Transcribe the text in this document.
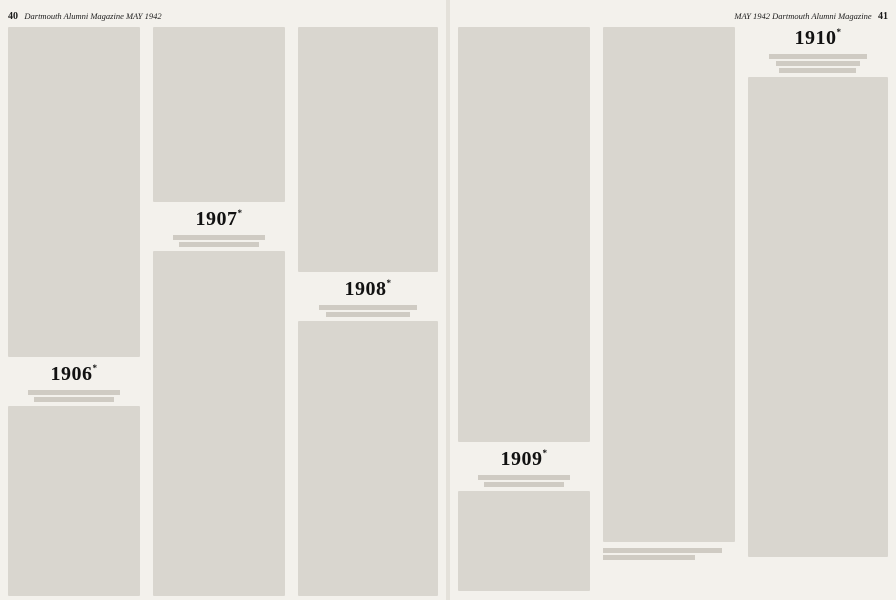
40 Dartmouth Alumni Magazine MAY 1942
1906*
1907*
1908*
MAY 1942 Dartmouth Alumni Magazine 41
1909*
1910*
